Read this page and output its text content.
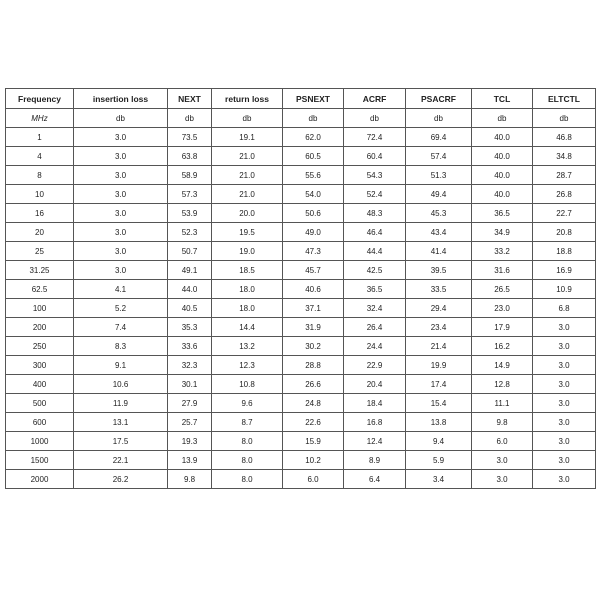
Frequency	insertion loss	NEXT	return loss	PSNEXT	ACRF	PSACRF	TCL	ELTCTL
MHz	db	db	db	db	db	db	db	db
1	3.0	73.5	19.1	62.0	72.4	69.4	40.0	46.8
4	3.0	63.8	21.0	60.5	60.4	57.4	40.0	34.8
8	3.0	58.9	21.0	55.6	54.3	51.3	40.0	28.7
10	3.0	57.3	21.0	54.0	52.4	49.4	40.0	26.8
16	3.0	53.9	20.0	50.6	48.3	45.3	36.5	22.7
20	3.0	52.3	19.5	49.0	46.4	43.4	34.9	20.8
25	3.0	50.7	19.0	47.3	44.4	41.4	33.2	18.8
31.25	3.0	49.1	18.5	45.7	42.5	39.5	31.6	16.9
62.5	4.1	44.0	18.0	40.6	36.5	33.5	26.5	10.9
100	5.2	40.5	18.0	37.1	32.4	29.4	23.0	6.8
200	7.4	35.3	14.4	31.9	26.4	23.4	17.9	3.0
250	8.3	33.6	13.2	30.2	24.4	21.4	16.2	3.0
300	9.1	32.3	12.3	28.8	22.9	19.9	14.9	3.0
400	10.6	30.1	10.8	26.6	20.4	17.4	12.8	3.0
500	11.9	27.9	9.6	24.8	18.4	15.4	11.1	3.0
600	13.1	25.7	8.7	22.6	16.8	13.8	9.8	3.0
1000	17.5	19.3	8.0	15.9	12.4	9.4	6.0	3.0
1500	22.1	13.9	8.0	10.2	8.9	5.9	3.0	3.0
2000	26.2	9.8	8.0	6.0	6.4	3.4	3.0	3.0
